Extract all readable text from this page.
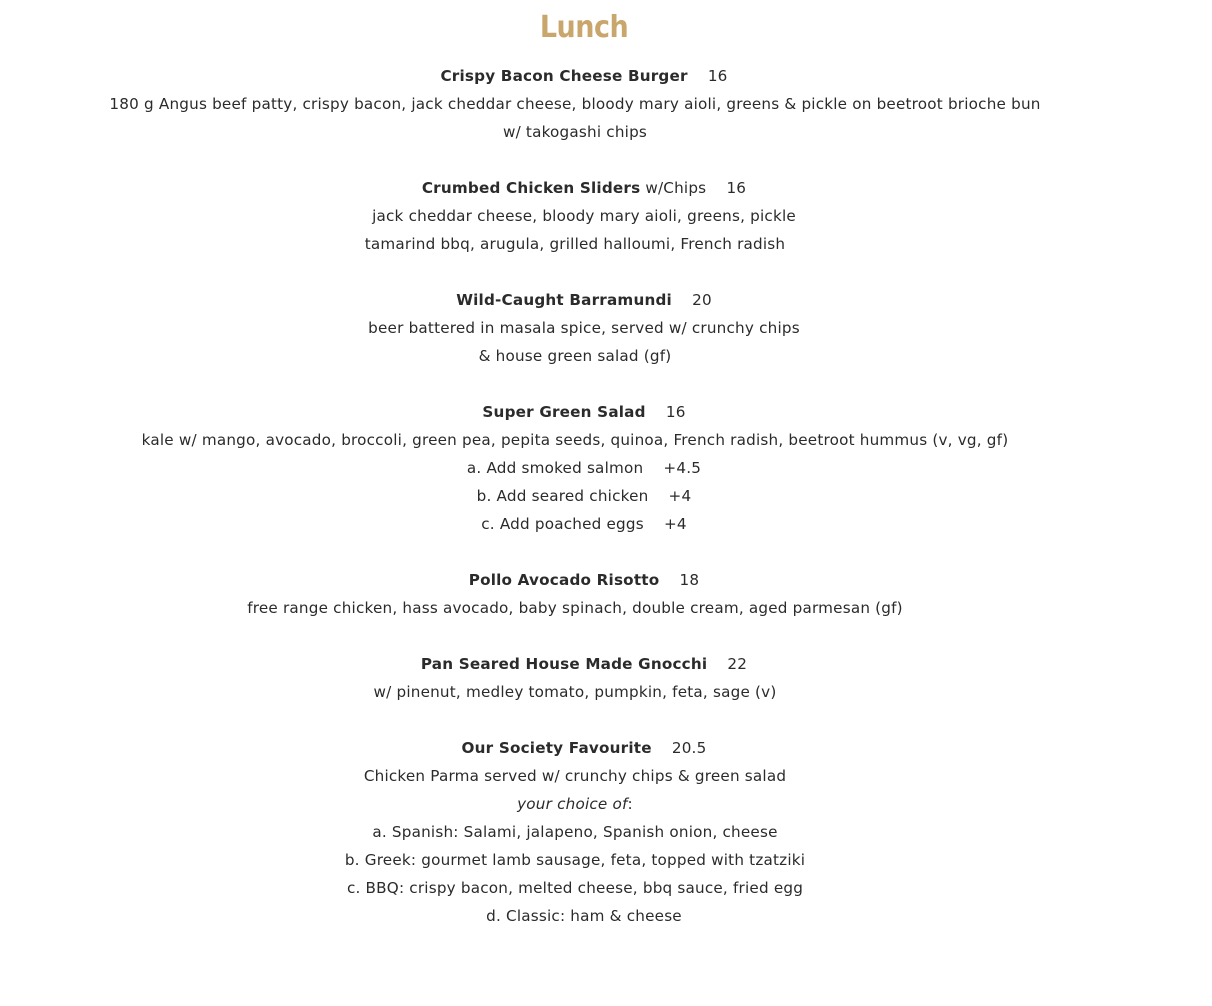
Lunch
Crispy Bacon Cheese Burger 16
180 g Angus beef patty, crispy bacon, jack cheddar cheese, bloody mary aioli, greens & pickle on beetroot brioche bun
w/ takogashi chips
Crumbed Chicken Sliders w/Chips 16
jack cheddar cheese, bloody mary aioli, greens, pickle
tamarind bbq, arugula, grilled halloumi, French radish
Wild-Caught Barramundi 20
beer battered in masala spice, served w/ crunchy chips
& house green salad (gf)
Super Green Salad 16
kale w/ mango, avocado, broccoli, green pea, pepita seeds, quinoa, French radish, beetroot hummus (v, vg, gf)
a. Add smoked salmon    +4.5
b. Add seared chicken    +4
c. Add poached eggs    +4
Pollo Avocado Risotto 18
free range chicken, hass avocado, baby spinach, double cream, aged parmesan (gf)
Pan Seared House Made Gnocchi 22
w/ pinenut, medley tomato, pumpkin, feta, sage (v)
Our Society Favourite 20.5
Chicken Parma served w/ crunchy chips & green salad
your choice of:
a. Spanish: Salami, jalapeno, Spanish onion, cheese
b. Greek: gourmet lamb sausage, feta, topped with tzatziki
c. BBQ: crispy bacon, melted cheese, bbq sauce, fried egg
d. Classic: ham & cheese
